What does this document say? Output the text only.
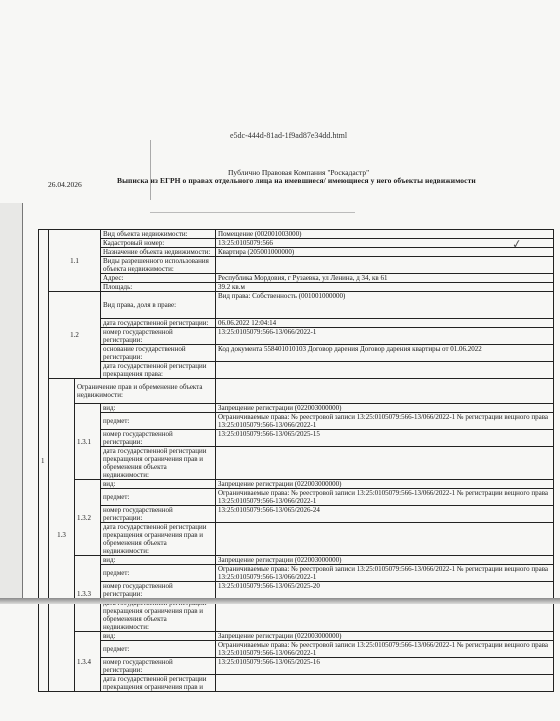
e5dc-444d-81ad-1f9ad87e34dd.html
Публично Правовая Компания "Роскадастр"
Выписка из ЕГРН о правах отдельного лица на имевшиеся/ имеющиеся у него объекты недвижимости
26.04.2026
✓
1	1.1		Вид объекта недвижимости:	Помещение (002001003000)
			Кадастровый номер:	13:25:0105079:566
			Назначение объекта недвижимости:	Квартира (205001000000)
			Виды разрешенного использования объекта недвижимости:	
			Адрес:	Республика Мордовия, г Рузаевка, ул Ленина, д 34, кв 61
			Площадь:	39.2 кв.м
	1.2		Вид права, доля в праве:	Вид права: Собственность (001001000000)
			дата государственной регистрации:	06.06.2022 12:04:14
			номер государственной регистрации:	13:25:0105079:566-13/066/2022-1
			основание государственной регистрации:	Код документа 558401010103 Договор дарения Договор дарения квартиры от 01.06.2022
			дата государственной регистрации прекращения права:	
	1.3	Ограничение прав и обременение объекта недвижимости:		
		1.3.1	вид:	Запрещение регистрации (022003000000)
			предмет:	Ограничиваемые права: № реестровой записи 13:25:0105079:566-13/066/2022-1 № регистрации вещного права 13:25:0105079:566-13/066/2022-1
			номер государственной регистрации:	13:25:0105079:566-13/065/2025-15
			дата государственной регистрации прекращения ограничения прав и обременения объекта недвижимости:	
		1.3.2	вид:	Запрещение регистрации (022003000000)
			предмет:	Ограничиваемые права: № реестровой записи 13:25:0105079:566-13/066/2022-1 № регистрации вещного права 13:25:0105079:566-13/066/2022-1
			номер государственной регистрации:	13:25:0105079:566-13/065/2026-24
			дата государственной регистрации прекращения ограничения прав и обременения объекта недвижимости:	
		1.3.3	вид:	Запрещение регистрации (022003000000)
			предмет:	Ограничиваемые права: № реестровой записи 13:25:0105079:566-13/066/2022-1 № регистрации вещного права 13:25:0105079:566-13/066/2022-1
			номер государственной регистрации:	13:25:0105079:566-13/065/2025-20
			прекращения ограничения прав и обременения объекта недвижимости:	
		1.3.4	вид:	Запрещение регистрации (022003000000)
			предмет:	Ограничиваемые права: № реестровой записи 13:25:0105079:566-13/066/2022-1 № регистрации вещного права 13:25:0105079:566-13/066/2022-1
			номер государственной регистрации:	13:25:0105079:566-13/065/2025-16
			дата государственной регистрации прекращения ограничения прав и	
